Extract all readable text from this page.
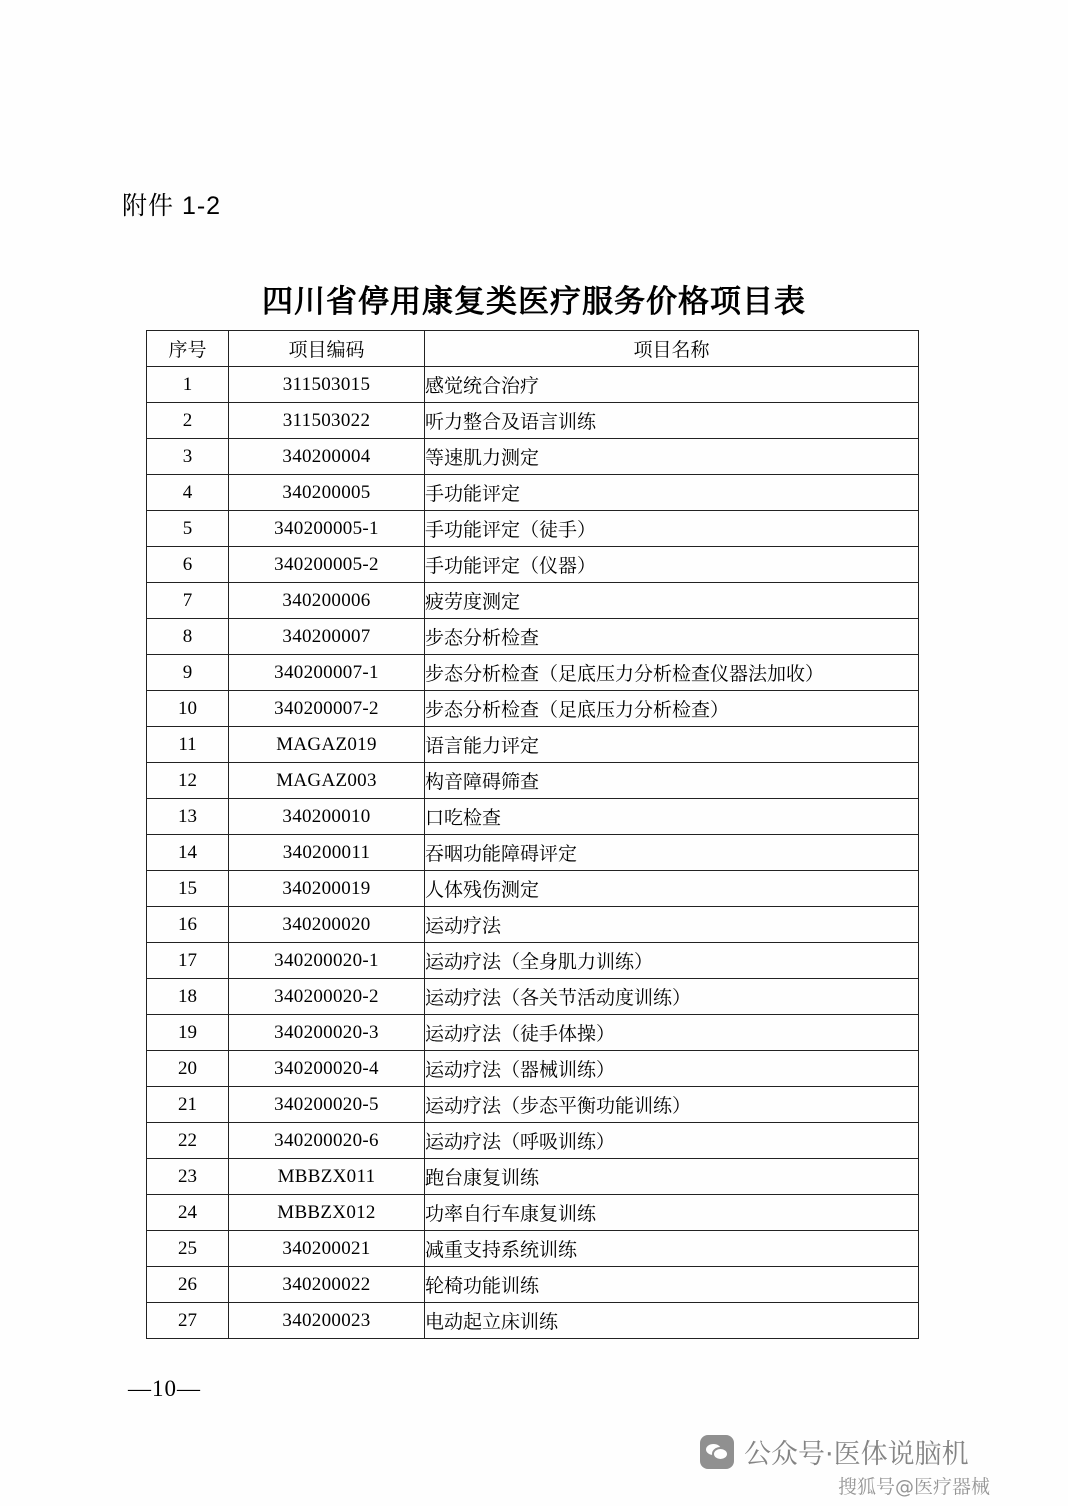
附件 1-2
四川省停用康复类医疗服务价格项目表
序号	项目编码	项目名称
1	311503015	感觉统合治疗
2	311503022	听力整合及语言训练
3	340200004	等速肌力测定
4	340200005	手功能评定
5	340200005-1	手功能评定（徒手）
6	340200005-2	手功能评定（仪器）
7	340200006	疲劳度测定
8	340200007	步态分析检查
9	340200007-1	步态分析检查（足底压力分析检查仪器法加收）
10	340200007-2	步态分析检查（足底压力分析检查）
11	MAGAZ019	语言能力评定
12	MAGAZ003	构音障碍筛查
13	340200010	口吃检查
14	340200011	吞咽功能障碍评定
15	340200019	人体残伤测定
16	340200020	运动疗法
17	340200020-1	运动疗法（全身肌力训练）
18	340200020-2	运动疗法（各关节活动度训练）
19	340200020-3	运动疗法（徒手体操）
20	340200020-4	运动疗法（器械训练）
21	340200020-5	运动疗法（步态平衡功能训练）
22	340200020-6	运动疗法（呼吸训练）
23	MBBZX011	跑台康复训练
24	MBBZX012	功率自行车康复训练
25	340200021	减重支持系统训练
26	340200022	轮椅功能训练
27	340200023	电动起立床训练
—10—
公众号·医体说脑机
搜狐号@医疗器械
